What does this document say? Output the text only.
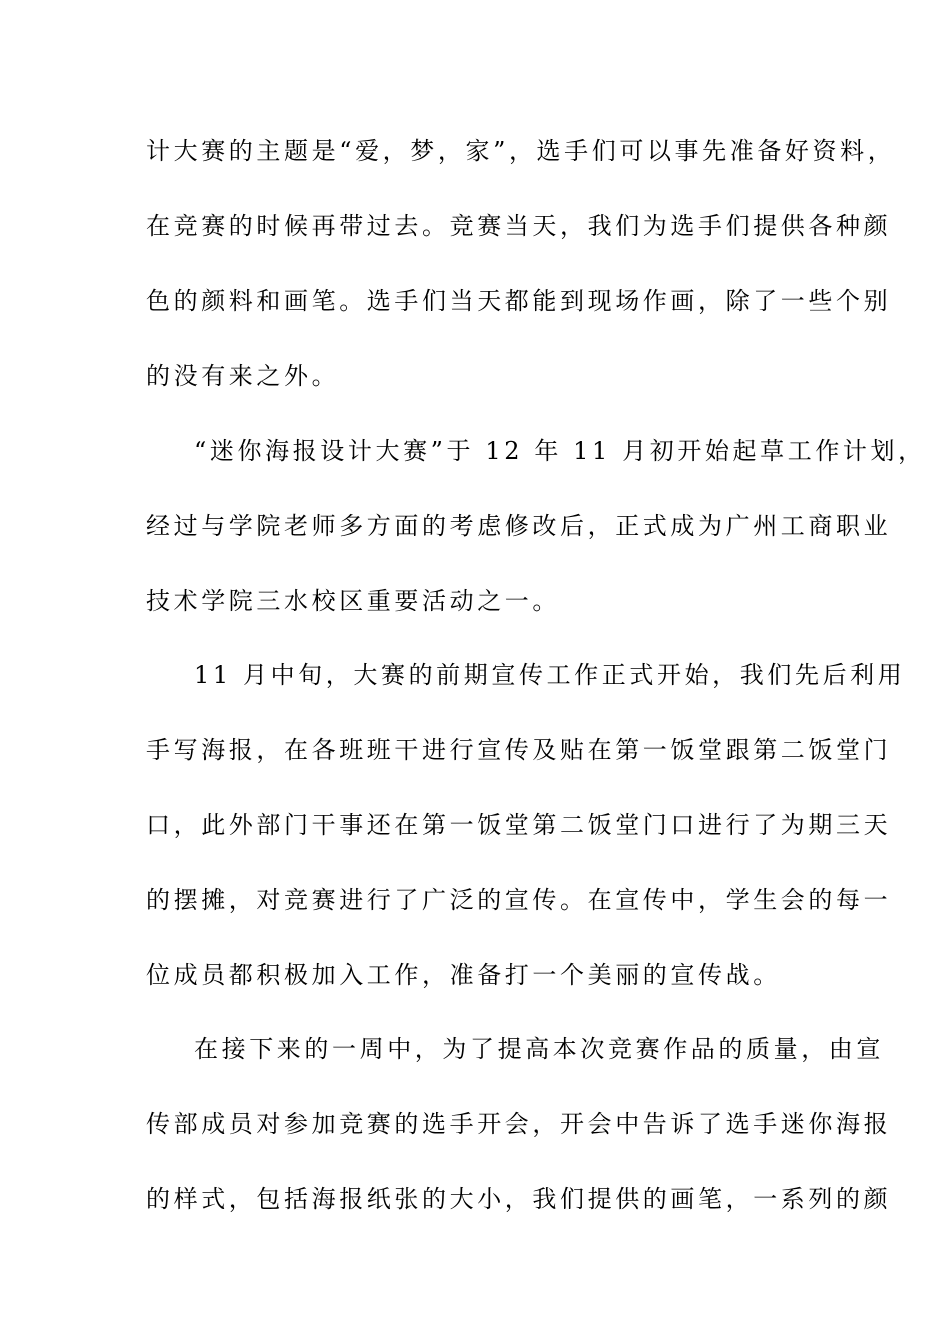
计大赛的主题是“爱，梦，家”，选手们可以事先准备好资料，
在竞赛的时候再带过去。竞赛当天，我们为选手们提供各种颜
色的颜料和画笔。选手们当天都能到现场作画，除了一些个别
的没有来之外。
“迷你海报设计大赛”于 12 年 11 月初开始起草工作计划，
经过与学院老师多方面的考虑修改后，正式成为广州工商职业
技术学院三水校区重要活动之一。
11 月中旬，大赛的前期宣传工作正式开始，我们先后利用
手写海报，在各班班干进行宣传及贴在第一饭堂跟第二饭堂门
口，此外部门干事还在第一饭堂第二饭堂门口进行了为期三天
的摆摊，对竞赛进行了广泛的宣传。在宣传中，学生会的每一
位成员都积极加入工作，准备打一个美丽的宣传战。
在接下来的一周中，为了提高本次竞赛作品的质量，由宣
传部成员对参加竞赛的选手开会，开会中告诉了选手迷你海报
的样式，包括海报纸张的大小，我们提供的画笔，一系列的颜
